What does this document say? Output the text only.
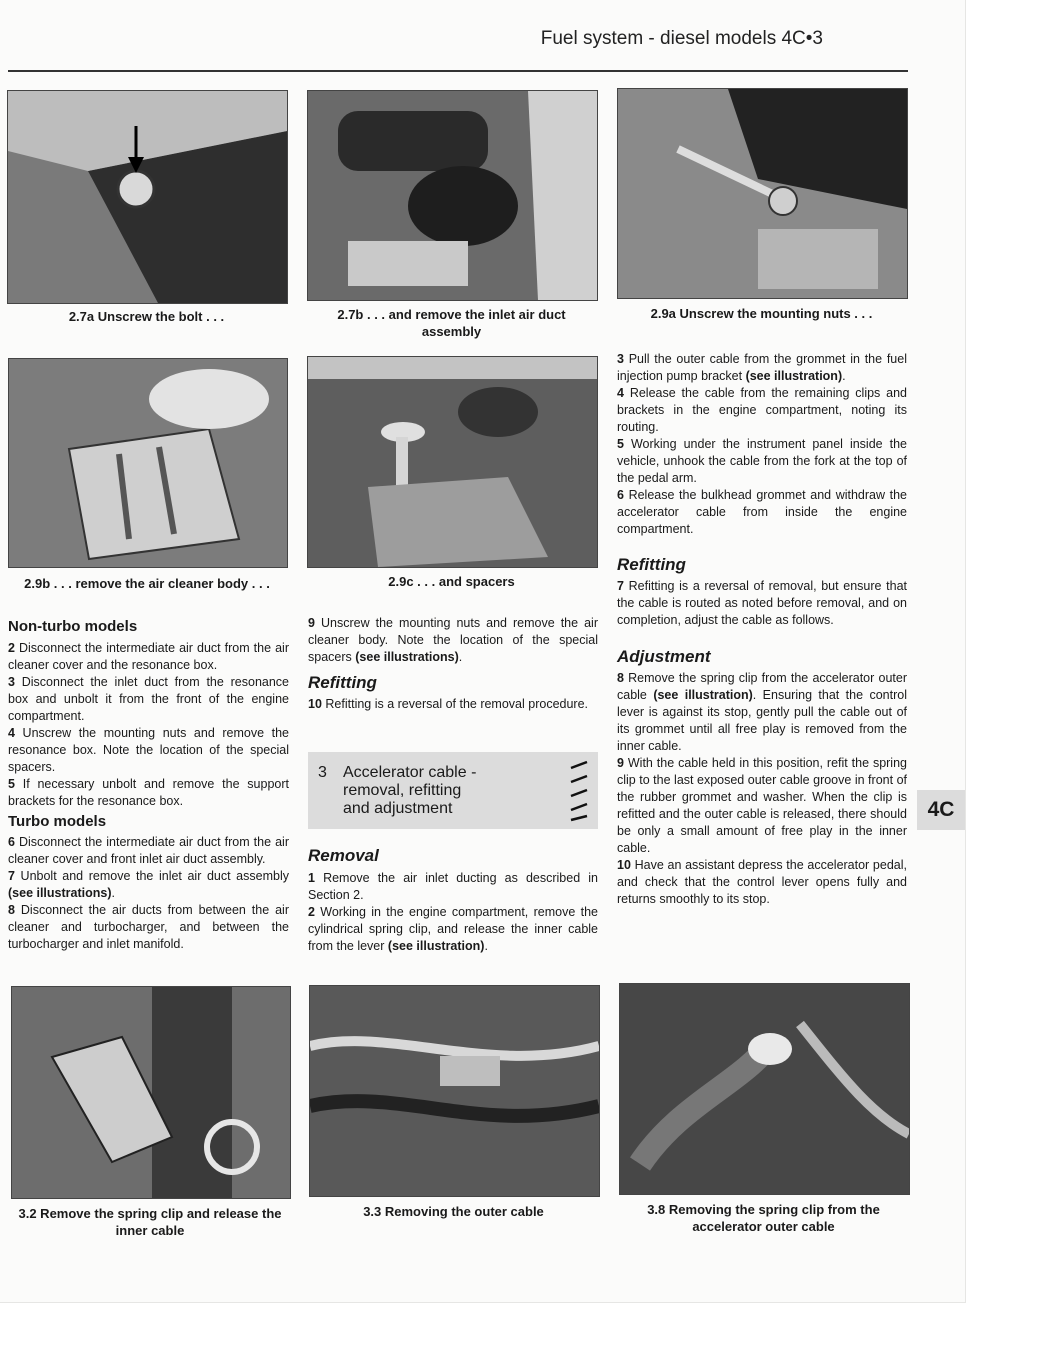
Fuel system - diesel models 4C•3
2.7a Unscrew the bolt . . .	2.7b . . . and remove the inlet air duct assembly
2.9a Unscrew the mounting nuts . . .
2.9b . . . remove the air cleaner body . . .	2.9c . . . and spacers

Non-turbo models

2 Disconnect the intermediate air duct from the air cleaner cover and the resonance box.

3 Disconnect the inlet duct from the resonance box and unbolt it from the front of the engine compartment.

4 Unscrew the mounting nuts and remove the resonance box. Note the location of the special spacers.

5 If necessary unbolt and remove the support brackets for the resonance box.

Turbo models

6 Disconnect the intermediate air duct from the air cleaner cover and front inlet air duct assembly.

7 Unbolt and remove the inlet air duct assembly (see illustrations).

8 Disconnect the air ducts from between the air cleaner and turbocharger, and between the turbocharger and inlet manifold.

9 Unscrew the mounting nuts and remove the air cleaner body. Note the location of the special spacers (see illustrations).

Refitting

10 Refitting is a reversal of the removal procedure.

3 Accelerator cable -
removal, refitting
and adjustment

Removal

1 Remove the air inlet ducting as described in Section 2.

2 Working in the engine compartment, remove the cylindrical spring clip, and release the inner cable from the lever (see illustration).

3 Pull the outer cable from the grommet in the fuel injection pump bracket (see illustration).

4 Release the cable from the remaining clips and brackets in the engine compartment, noting its routing.

5 Working under the instrument panel inside the vehicle, unhook the cable from the fork at the top of the pedal arm.

6 Release the bulkhead grommet and withdraw the accelerator cable from inside the engine compartment.

Refitting

7 Refitting is a reversal of removal, but ensure that the cable is routed as noted before removal, and on completion, adjust the cable as follows.

Adjustment

8 Remove the spring clip from the accelerator outer cable (see illustration). Ensuring that the control lever is against its stop, gently pull the cable out of its grommet until all free play is removed from the inner cable.

9 With the cable held in this position, refit the spring clip to the last exposed outer cable groove in front of the rubber grommet and washer. When the clip is refitted and the outer cable is released, there should be only a small amount of free play in the inner cable.

10 Have an assistant depress the accelerator pedal, and check that the control lever opens fully and returns smoothly to its stop.

4C
3.2 Remove the spring clip and release the inner cable
3.3 Removing the outer cable	3.8 Removing the spring clip from the accelerator outer cable
